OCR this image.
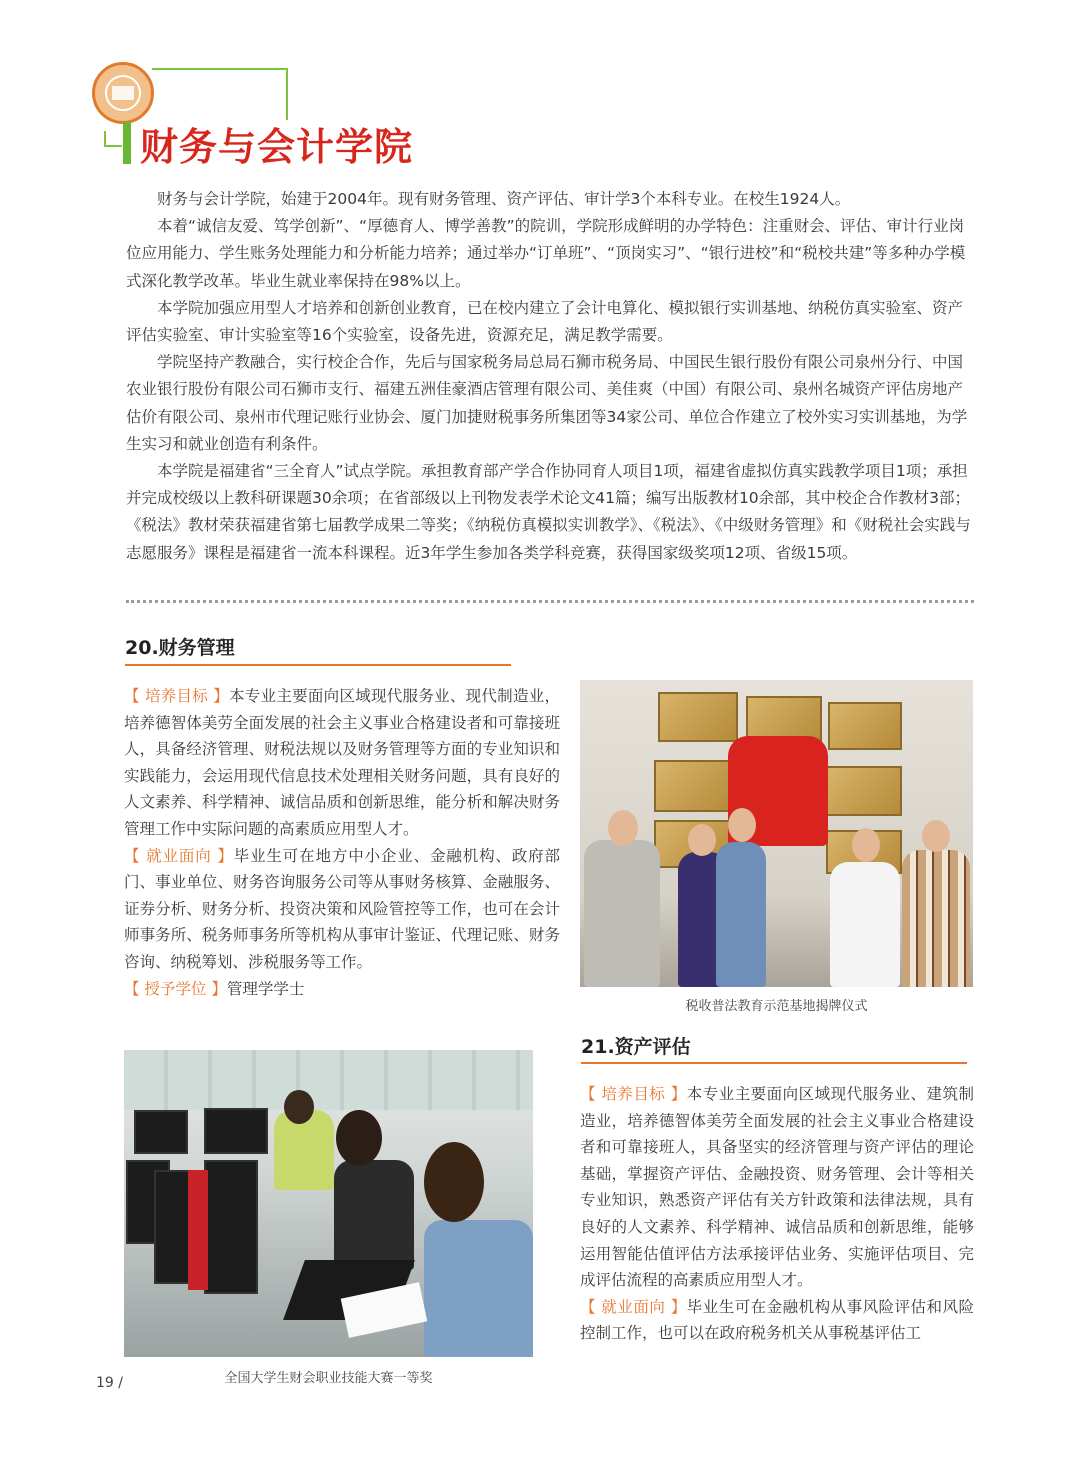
财务与会计学院

财务与会计学院，始建于2004年。现有财务管理、资产评估、审计学3个本科专业。在校生1924人。

本着“诚信友爱、笃学创新”、“厚德育人、博学善教”的院训，学院形成鲜明的办学特色：注重财会、评估、审计行业岗位应用能力、学生账务处理能力和分析能力培养；通过举办“订单班”、“顶岗实习”、“银行进校”和“税校共建”等多种办学模式深化教学改革。毕业生就业率保持在98%以上。

本学院加强应用型人才培养和创新创业教育，已在校内建立了会计电算化、模拟银行实训基地、纳税仿真实验室、资产评估实验室、审计实验室等16个实验室，设备先进，资源充足，满足教学需要。

学院坚持产教融合，实行校企合作，先后与国家税务局总局石狮市税务局、中国民生银行股份有限公司泉州分行、中国农业银行股份有限公司石狮市支行、福建五洲佳豪酒店管理有限公司、美佳爽（中国）有限公司、泉州名城资产评估房地产估价有限公司、泉州市代理记账行业协会、厦门加捷财税事务所集团等34家公司、单位合作建立了校外实习实训基地，为学生实习和就业创造有利条件。

本学院是福建省“三全育人”试点学院。承担教育部产学合作协同育人项目1项，福建省虚拟仿真实践教学项目1项；承担并完成校级以上教科研课题30余项；在省部级以上刊物发表学术论文41篇；编写出版教材10余部，其中校企合作教材3部；《税法》教材荣获福建省第七届教学成果二等奖；《纳税仿真模拟实训教学》、《税法》、《中级财务管理》和《财税社会实践与志愿服务》课程是福建省一流本科课程。近3年学生参加各类学科竞赛，获得国家级奖项12项、省级15项。

20.财务管理

【 培养目标 】本专业主要面向区域现代服务业、现代制造业，培养德智体美劳全面发展的社会主义事业合格建设者和可靠接班人，具备经济管理、财税法规以及财务管理等方面的专业知识和实践能力，会运用现代信息技术处理相关财务问题，具有良好的人文素养、科学精神、诚信品质和创新思维，能分析和解决财务管理工作中实际问题的高素质应用型人才。

【 就业面向 】毕业生可在地方中小企业、金融机构、政府部门、事业单位、财务咨询服务公司等从事财务核算、金融服务、证券分析、财务分析、投资决策和风险管控等工作，也可在会计师事务所、税务师事务所等机构从事审计鉴证、代理记账、财务咨询、纳税筹划、涉税服务等工作。

【 授予学位 】管理学学士

税收普法教育示范基地揭牌仪式
全国大学生财会职业技能大赛一等奖
21.资产评估

【 培养目标 】本专业主要面向区域现代服务业、建筑制造业，培养德智体美劳全面发展的社会主义事业合格建设者和可靠接班人，具备坚实的经济管理与资产评估的理论基础，掌握资产评估、金融投资、财务管理、会计等相关专业知识，熟悉资产评估有关方针政策和法律法规，具有良好的人文素养、科学精神、诚信品质和创新思维，能够运用智能估值评估方法承接评估业务、实施评估项目、完成评估流程的高素质应用型人才。

【 就业面向 】毕业生可在金融机构从事风险评估和风险控制工作，也可以在政府税务机关从事税基评估工

19 /
